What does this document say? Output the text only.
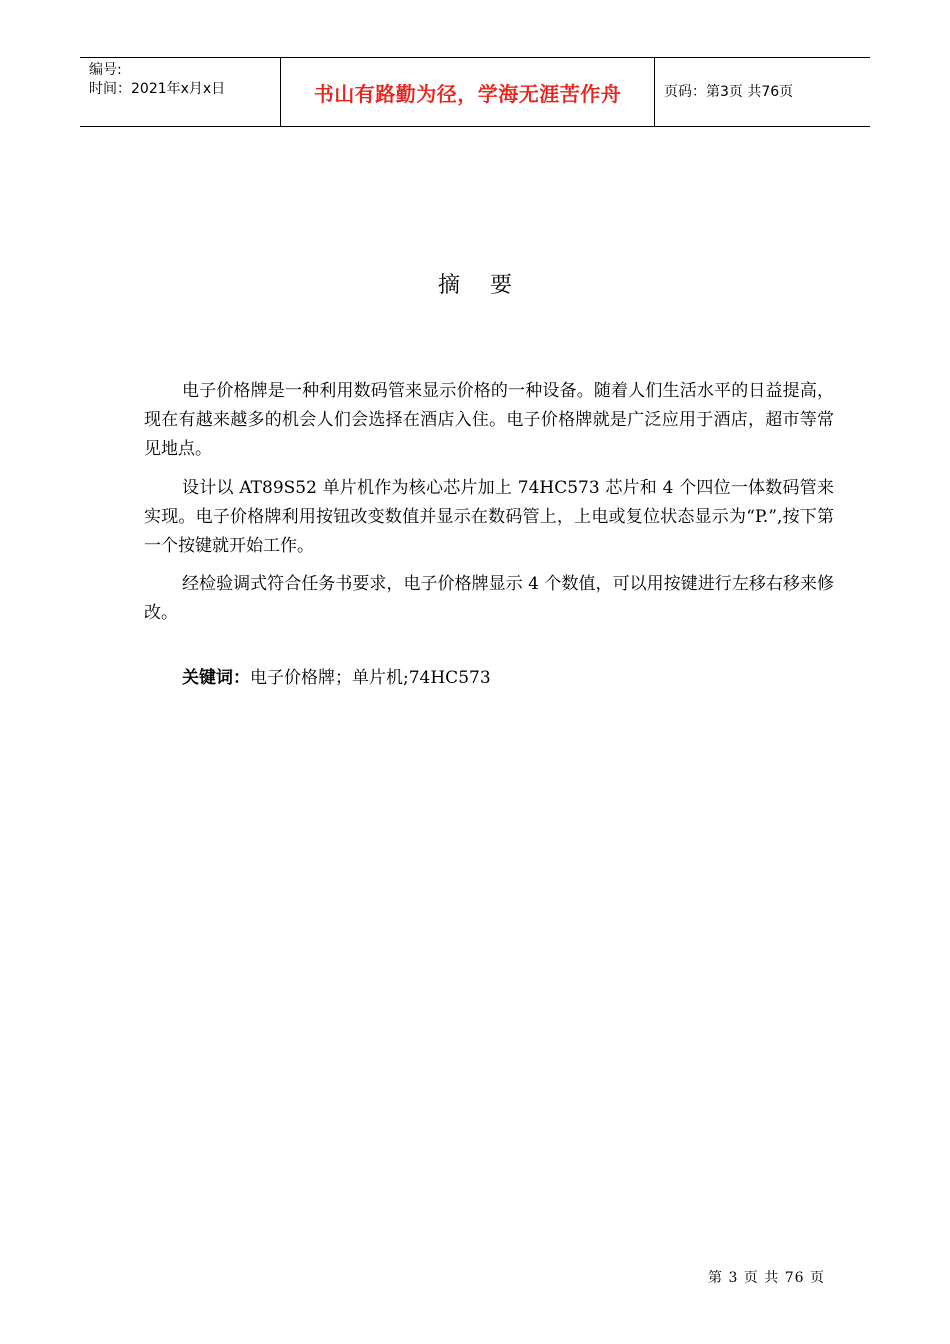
编号:
时间：2021年x月x日	书山有路勤为径，学海无涯苦作舟	页码：第3页 共76页
摘要
电子价格牌是一种利用数码管来显示价格的一种设备。随着人们生活水平的日益提高，现在有越来越多的机会人们会选择在酒店入住。电子价格牌就是广泛应用于酒店，超市等常见地点。
设计以 AT89S52 单片机作为核心芯片加上 74HC573 芯片和 4 个四位一体数码管来实现。电子价格牌利用按钮改变数值并显示在数码管上，上电或复位状态显示为“P.”,按下第一个按键就开始工作。
经检验调式符合任务书要求，电子价格牌显示 4 个数值，可以用按键进行左移右移来修改。
关键词：电子价格牌；单片机;74HC573
第 3 页 共 76 页
